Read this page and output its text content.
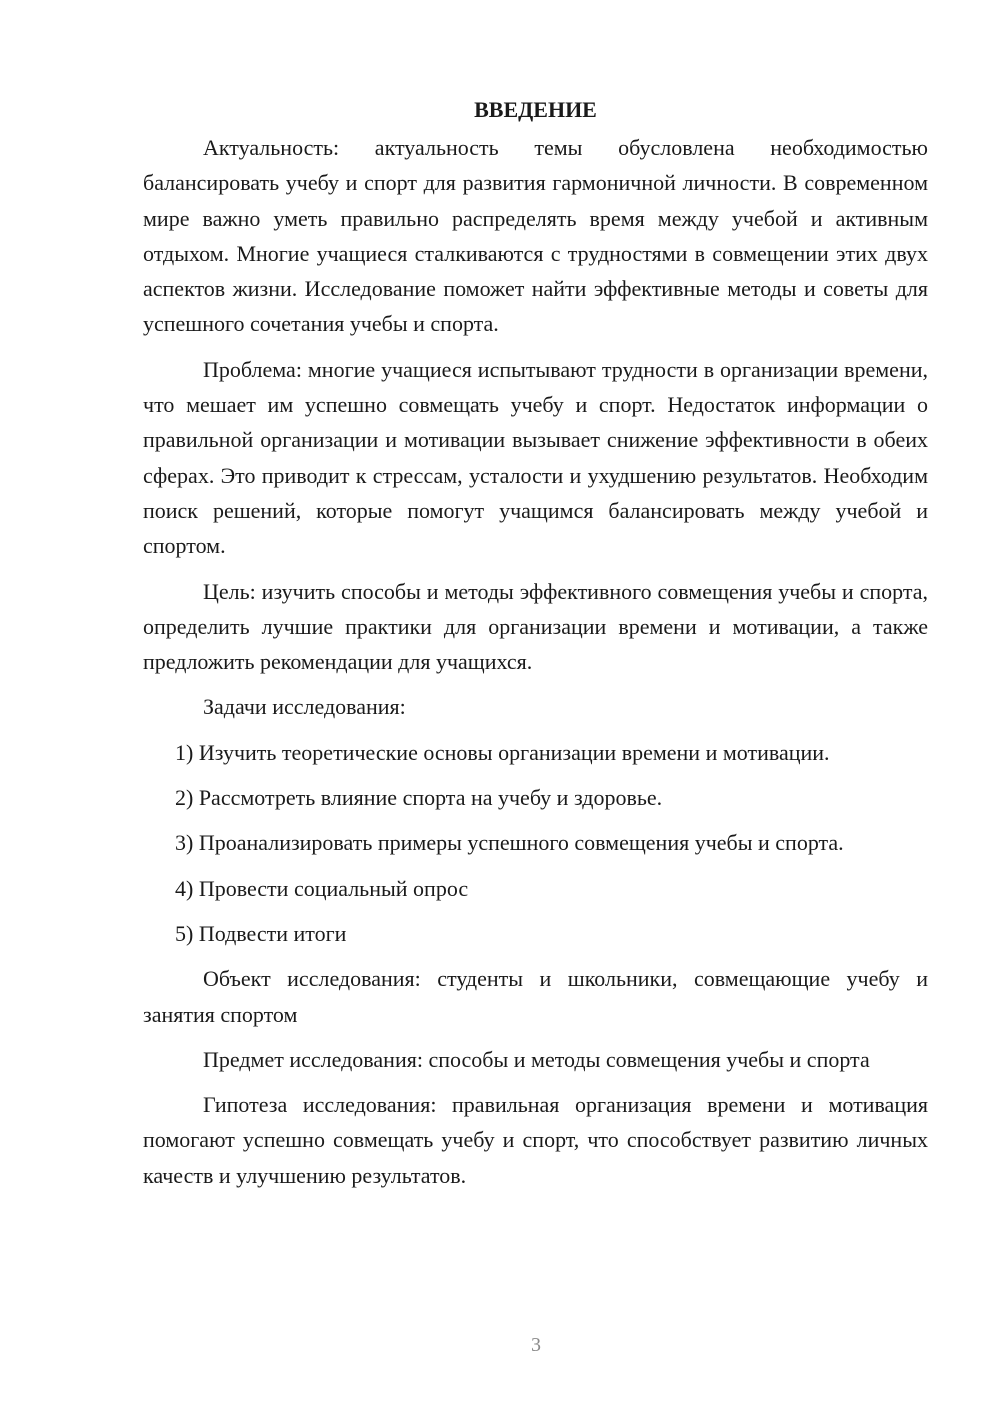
ВВЕДЕНИЕ

Актуальность: актуальность темы обусловлена необходимостью балансировать учебу и спорт для развития гармоничной личности. В современном мире важно уметь правильно распределять время между учебой и активным отдыхом. Многие учащиеся сталкиваются с трудностями в совмещении этих двух аспектов жизни. Исследование поможет найти эффективные методы и советы для успешного сочетания учебы и спорта.

Проблема: многие учащиеся испытывают трудности в организации времени, что мешает им успешно совмещать учебу и спорт. Недостаток информации о правильной организации и мотивации вызывает снижение эффективности в обеих сферах. Это приводит к стрессам, усталости и ухудшению результатов. Необходим поиск решений, которые помогут учащимся балансировать между учебой и спортом.

Цель: изучить способы и методы эффективного совмещения учебы и спорта, определить лучшие практики для организации времени и мотивации, а также предложить рекомендации для учащихся.

Задачи исследования:

1) Изучить теоретические основы организации времени и мотивации.

2) Рассмотреть влияние спорта на учебу и здоровье.

3) Проанализировать примеры успешного совмещения учебы и спорта.

4) Провести социальный опрос

5) Подвести итоги

Объект исследования: студенты и школьники, совмещающие учебу и занятия спортом

Предмет исследования: способы и методы совмещения учебы и спорта

Гипотеза исследования: правильная организация времени и мотивация помогают успешно совмещать учебу и спорт, что способствует развитию личных качеств и улучшению результатов.

3
